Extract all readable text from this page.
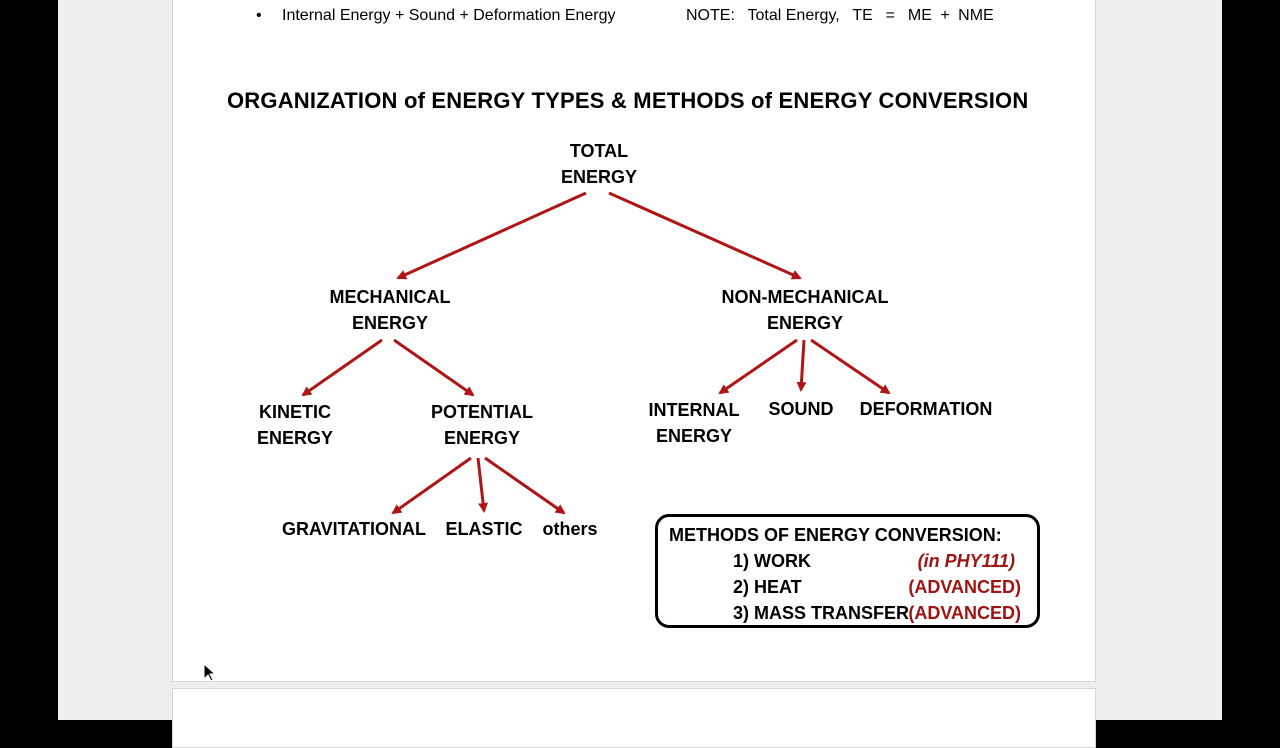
• Internal Energy + Sound + Deformation Energy	NOTE: Total Energy, TE = ME + NME
ORGANIZATION of ENERGY TYPES & METHODS of ENERGY CONVERSION
TOTAL
ENERGY
MECHANICAL
ENERGY
NON-MECHANICAL
ENERGY
KINETIC
ENERGY
POTENTIAL
ENERGY
INTERNAL
ENERGY
SOUND DEFORMATION
GRAVITATIONAL ELASTIC others	METHODS OF ENERGY CONVERSION:
1) WORK	(in PHY111)
2) HEAT	(ADVANCED)
3) MASS TRANSFER (ADVANCED)
